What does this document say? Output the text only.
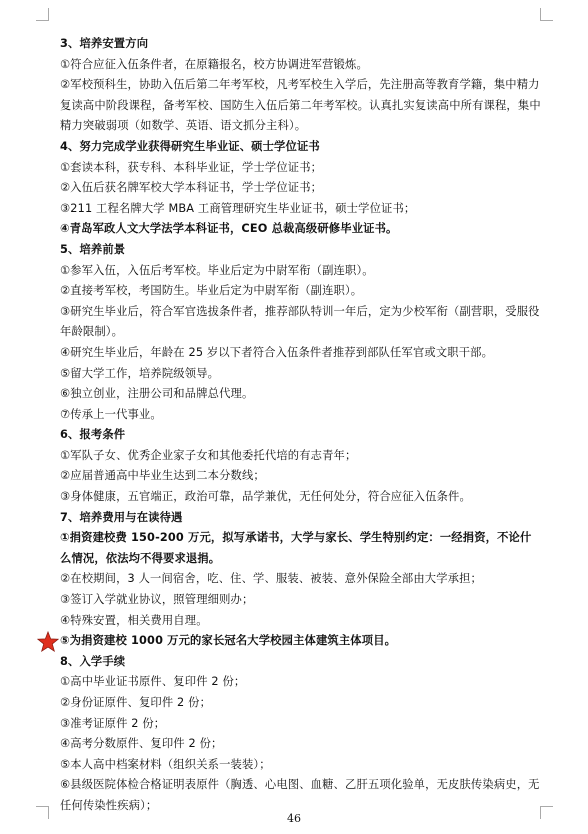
3、培养安置方向
①符合应征入伍条件者，在原籍报名，校方协调进军营锻炼。
②军校预科生，协助入伍后第二年考军校，凡考军校生入学后，先注册高等教育学籍，集中精力复读高中阶段课程，备考军校、国防生入伍后第二年考军校。认真扎实复读高中所有课程，集中精力突破弱项（如数学、英语、语文抓分主科）。
4、努力完成学业获得研究生毕业证、硕士学位证书
①套读本科，获专科、本科毕业证，学士学位证书；
②入伍后获名牌军校大学本科证书，学士学位证书；
③211 工程名牌大学 MBA 工商管理研究生毕业证书，硕士学位证书；
④青岛军政人文大学法学本科证书，CEO 总裁高级研修毕业证书。
5、培养前景
①参军入伍，入伍后考军校。毕业后定为中尉军衔（副连职）。
②直接考军校，考国防生。毕业后定为中尉军衔（副连职）。
③研究生毕业后，符合军官选拔条件者，推荐部队特训一年后，定为少校军衔（副营职，受服役年龄限制）。
④研究生毕业后，年龄在 25 岁以下者符合入伍条件者推荐到部队任军官或文职干部。
⑤留大学工作，培养院级领导。
⑥独立创业，注册公司和品牌总代理。
⑦传承上一代事业。
6、报考条件
①军队子女、优秀企业家子女和其他委托代培的有志青年；
②应届普通高中毕业生达到二本分数线；
③身体健康，五官端正，政治可靠，品学兼优，无任何处分，符合应征入伍条件。
7、培养费用与在读待遇
①捐资建校费 150-200 万元，拟写承诺书，大学与家长、学生特别约定：一经捐资，不论什么情况，依法均不得要求退捐。
②在校期间，3 人一间宿舍，吃、住、学、服装、被装、意外保险全部由大学承担；
③签订入学就业协议，照管理细则办；
④特殊安置，相关费用自理。
⑤为捐资建校 1000 万元的家长冠名大学校园主体建筑主体项目。
8、入学手续
①高中毕业证书原件、复印件 2 份；
②身份证原件、复印件 2 份；
③准考证原件 2 份；
④高考分数原件、复印件 2 份；
⑤本人高中档案材料（组织关系一装装）；
⑥县级医院体检合格证明表原件（胸透、心电图、血糖、乙肝五项化验单，无皮肤传染病史，无任何传染性疾病）；
46
